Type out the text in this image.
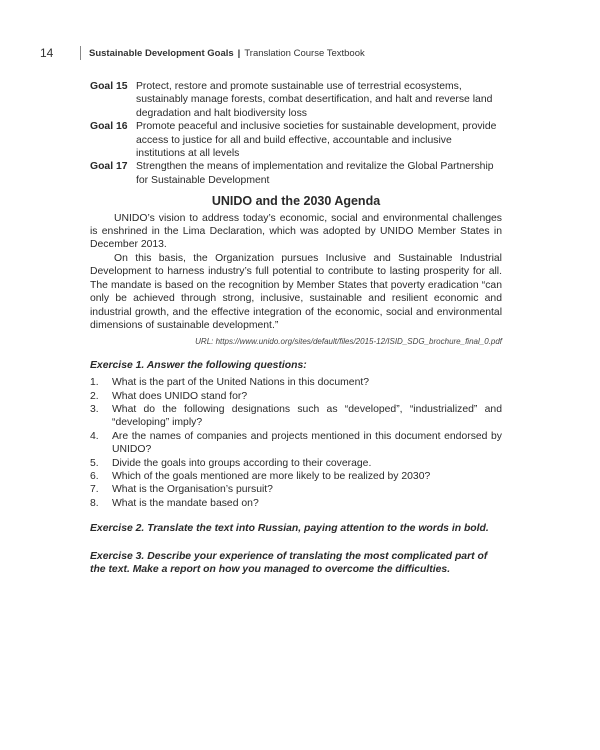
14	Sustainable Development Goals | Translation Course Textbook
Goal 15 Protect, restore and promote sustainable use of terrestrial ecosystems, sustainably manage forests, combat desertification, and halt and reverse land degradation and halt biodiversity loss
Goal 16 Promote peaceful and inclusive societies for sustainable development, provide access to justice for all and build effective, accountable and inclusive institutions at all levels
Goal 17 Strengthen the means of implementation and revitalize the Global Partnership for Sustainable Development
UNIDO and the 2030 Agenda

UNIDO’s vision to address today’s economic, social and environmental challenges is enshrined in the Lima Declaration, which was adopted by UNIDO Member States in December 2013.

On this basis, the Organization pursues Inclusive and Sustainable Industrial Development to harness industry’s full potential to contribute to lasting prosperity for all. The mandate is based on the recognition by Member States that poverty eradication “can only be achieved through strong, inclusive, sustainable and resilient economic and industrial growth, and the effective integration of the economic, social and environmental dimensions of sustainable development.”

URL: https://www.unido.org/sites/default/files/2015-12/ISID_SDG_brochure_final_0.pdf

Exercise 1. Answer the following questions:
1.	What is the part of the United Nations in this document?
2.	What does UNIDO stand for?
3.	What do the following designations such as “developed”, “industrialized” and “developing” imply?
4.	Are the names of companies and projects mentioned in this document endorsed by UNIDO?
5.	Divide the goals into groups according to their coverage.
6.	Which of the goals mentioned are more likely to be realized by 2030?
7.	What is the Organisation’s pursuit?
8.	What is the mandate based on?
Exercise 2. Translate the text into Russian, paying attention to the words in bold.
Exercise 3. Describe your experience of translating the most complicated part of the text. Make a report on how you managed to overcome the difficulties.
